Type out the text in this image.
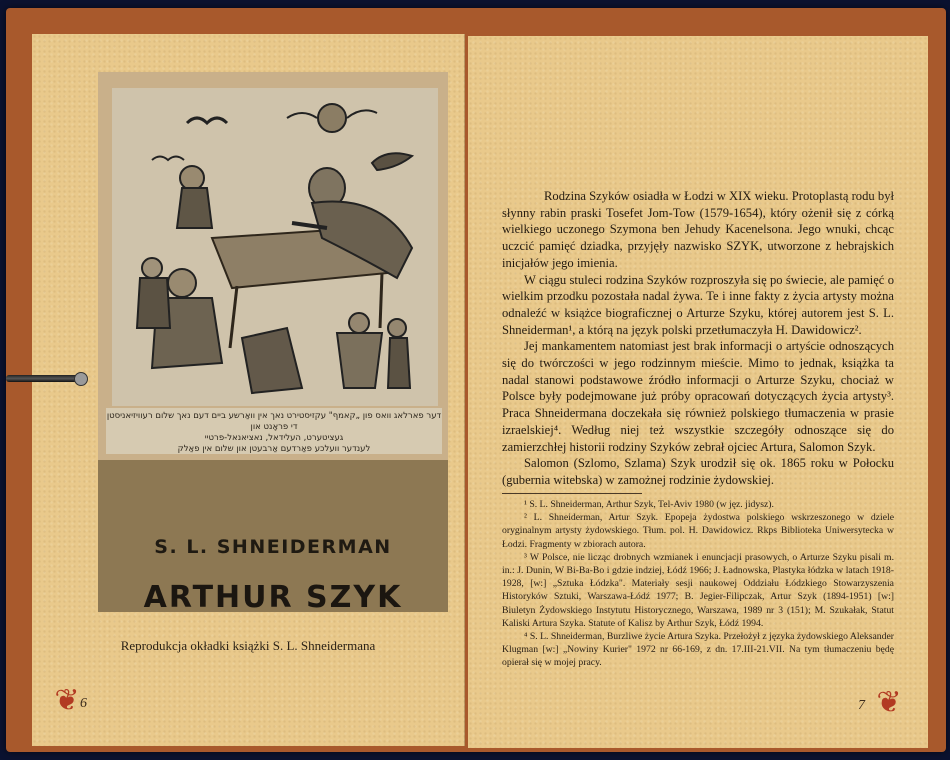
דער פארלאג וואס פון „קאמף" עקזיסטירט נאך אין וואַרשע ביים דעם נאך שלום רעוויזיאניסטן די פראָנט און
געציטערט, העלידאל, נאציאנאל-פרטיי
לענדער וועלכע פאַרדעם אַרבעטן און שלום אין פאַלק
S. L. SHNEIDERMAN
ARTHUR SZYK
Reprodukcja okładki książki S. L. Shneidermana
❦ 6

Rodzina Szyków osiadła w Łodzi w XIX wieku. Protoplastą rodu był słynny rabin praski Tosefet Jom-Tow (1579-1654), który ożenił się z córką wielkiego uczonego Szymona ben Jehudy Kacenelsona. Jego wnuki, chcąc uczcić pamięć dziadka, przyjęły nazwisko SZYK, utworzone z hebrajskich inicjałów jego imienia.

W ciągu stuleci rodzina Szyków rozproszyła się po świecie, ale pamięć o wielkim przodku pozostała nadal żywa. Te i inne fakty z życia artysty można odnaleźć w książce biograficznej o Arturze Szyku, której autorem jest S. L. Shneiderman¹, a którą na język polski przetłumaczyła H. Dawidowicz².

Jej mankamentem natomiast jest brak informacji o artyście odnoszących się do twórczości w jego rodzinnym mieście. Mimo to jednak, książka ta nadal stanowi podstawowe źródło informacji o Arturze Szyku, chociaż w Polsce były podejmowane już próby opracowań dotyczących życia artysty³. Praca Shneidermana doczekała się również polskiego tłumaczenia w prasie izraelskiej⁴. Według niej też wszystkie szczegóły odnoszące się do zamierzchłej historii rodziny Szyków zebrał ojciec Artura, Salomon Szyk.

Salomon (Szlomo, Szlama) Szyk urodził się ok. 1865 roku w Połocku (gubernia witebska) w zamożnej rodzinie żydowskiej.

¹ S. L. Shneiderman, Arthur Szyk, Tel-Aviv 1980 (w jęz. jidysz).

² L. Shneiderman, Artur Szyk. Epopeja żydostwa polskiego wskrzeszonego w dziele oryginalnym artysty żydowskiego. Tłum. pol. H. Dawidowicz. Rkps Biblioteka Uniwersytecka w Łodzi. Fragmenty w zbiorach autora.

³ W Polsce, nie licząc drobnych wzmianek i enuncjacji prasowych, o Arturze Szyku pisali m. in.: J. Dunin, W Bi-Ba-Bo i gdzie indziej, Łódź 1966; J. Ładnowska, Plastyka łódzka w latach 1918-1928, [w:] „Sztuka Łódzka". Materiały sesji naukowej Oddziału Łódzkiego Stowarzyszenia Historyków Sztuki, Warszawa-Łódź 1977; B. Jegier-Filipczak, Artur Szyk (1894-1951) [w:] Biuletyn Żydowskiego Instytutu Historycznego, Warszawa, 1989 nr 3 (151); M. Szukałak, Statut Kaliski Artura Szyka. Statute of Kalisz by Arthur Szyk, Łódź 1994.

⁴ S. L. Shneiderman, Burzliwe życie Artura Szyka. Przełożył z języka żydowskiego Aleksander Klugman [w:] „Nowiny Kurier" 1972 nr 66-169, z dn. 17.III-21.VII. Na tym tłumaczeniu będę opierał się w mojej pracy.

7 ❦
